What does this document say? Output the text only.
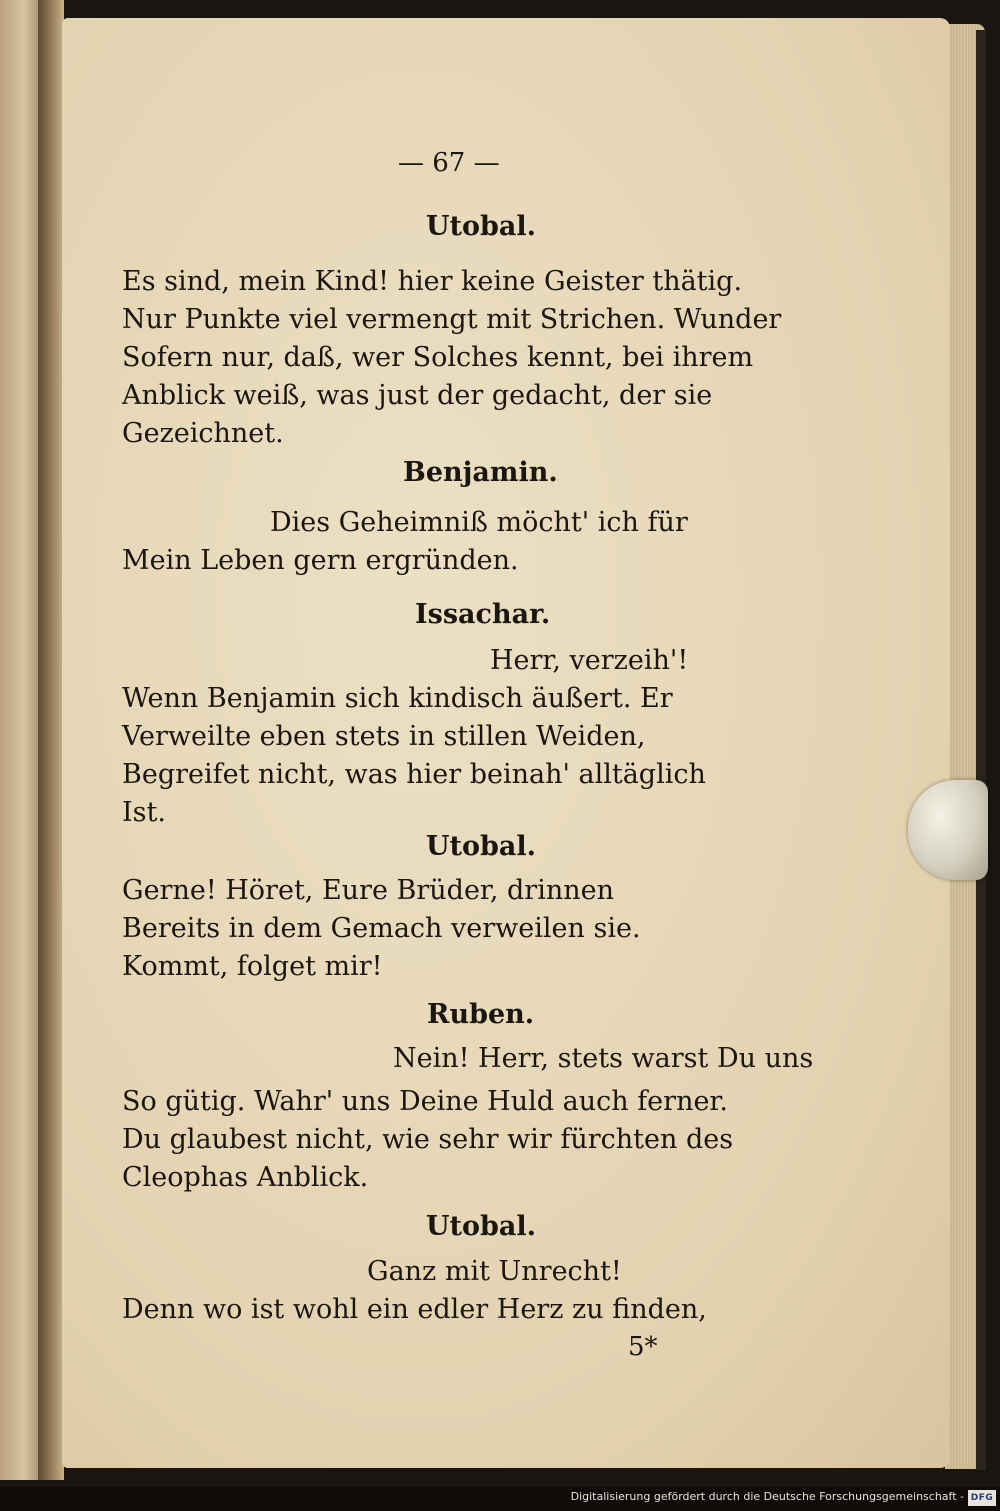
— 67 —
Utobal.
Es sind, mein Kind! hier keine Geister thätig.
Nur Punkte viel vermengt mit Strichen. Wunder
Sofern nur, daß, wer Solches kennt, bei ihrem
Anblick weiß, was just der gedacht, der sie
Gezeichnet.
Benjamin.
Dies Geheimniß möcht' ich für
Mein Leben gern ergründen.
Issachar.
Herr, verzeih'!
Wenn Benjamin sich kindisch äußert. Er
Verweilte eben stets in stillen Weiden,
Begreifet nicht, was hier beinah' alltäglich
Ist.
Utobal.
Gerne! Höret, Eure Brüder, drinnen
Bereits in dem Gemach verweilen sie.
Kommt, folget mir!
Ruben.
Nein! Herr, stets warst Du uns
So gütig. Wahr' uns Deine Huld auch ferner.
Du glaubest nicht, wie sehr wir fürchten des
Cleophas Anblick.
Utobal.
Ganz mit Unrecht!
Denn wo ist wohl ein edler Herz zu finden,
5*
Digitalisierung gefördert durch die Deutsche Forschungsgemeinschaft - DFG
